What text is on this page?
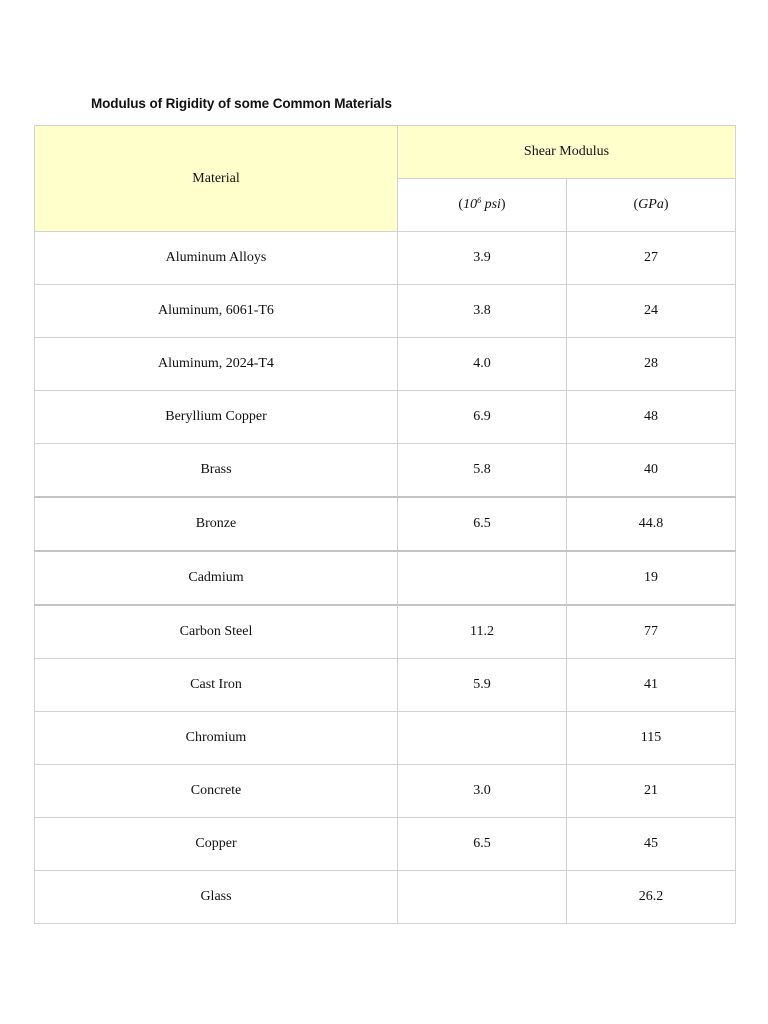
Modulus of Rigidity of some Common Materials
Material	Shear Modulus	
	($10^6$ psi)	(GPa)
Aluminum Alloys	3.9	27
Aluminum, 6061-T6	3.8	24
Aluminum, 2024-T4	4.0	28
Beryllium Copper	6.9	48
Brass	5.8	40
Bronze	6.5	44.8
Cadmium		19
Carbon Steel	11.2	77
Cast Iron	5.9	41
Chromium		115
Concrete	3.0	21
Copper	6.5	45
Glass		26.2
